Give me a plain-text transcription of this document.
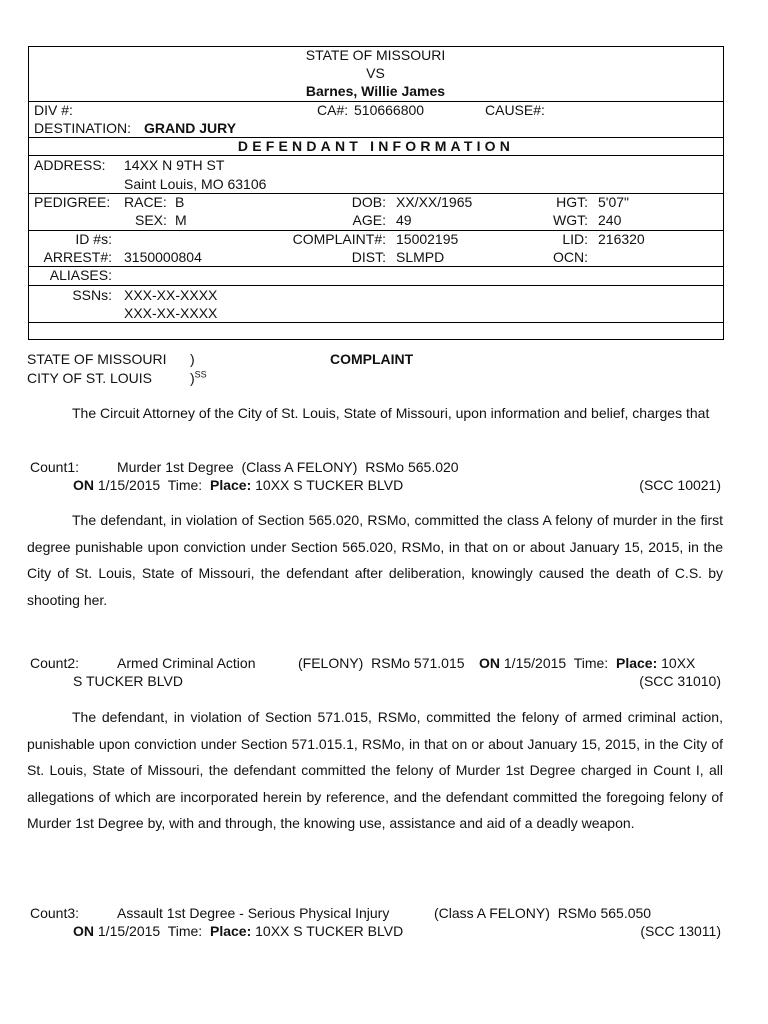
STATE OF MISSOURI
VS
Barnes, Willie James
DIV #:	CA#: 510666800	CAUSE#:
DESTINATION: GRAND JURY
DEFENDANT INFORMATION
ADDRESS: 14XX N 9TH ST
Saint Louis, MO 63106
PEDIGREE: RACE: B
SEX: M
DOB: XX/XX/1965
AGE: 49
HGT: 5'07"
WGT: 240
ID #s:
ARREST#: 3150000804
COMPLAINT#: 15002195
DIST: SLMPD
LID: 216320
OCN:
ALIASES:
SSNs: XXX-XX-XXXX
XXX-XX-XXXX
STATE OF MISSOURI )
CITY OF ST. LOUIS	)$^{SS}$
COMPLAINT
The Circuit Attorney of the City of St. Louis, State of Missouri, upon information and belief, charges that
Count1:	Murder 1st Degree  (Class A FELONY)  RSMo 565.020
ON 1/15/2015 Time: Place: 10XX S TUCKER BLVD	(SCC 10021)
The defendant, in violation of Section 565.020, RSMo, committed the class A felony of murder in the first degree punishable upon conviction under Section 565.020, RSMo, in that on or about January 15, 2015, in the City of St. Louis, State of Missouri, the defendant after deliberation, knowingly caused the death of C.S. by shooting her.
Count2:	Armed Criminal Action	(FELONY)  RSMo 571.015 ON 1/15/2015 Time: Place: 10XX
S TUCKER BLVD	(SCC 31010)
The defendant, in violation of Section 571.015, RSMo, committed the felony of armed criminal action, punishable upon conviction under Section 571.015.1, RSMo, in that on or about January 15, 2015, in the City of St. Louis, State of Missouri, the defendant committed the felony of Murder 1st Degree charged in Count I, all allegations of which are incorporated herein by reference, and the defendant committed the foregoing felony of Murder 1st Degree by, with and through, the knowing use, assistance and aid of a deadly weapon.
Count3:	Assault 1st Degree - Serious Physical Injury	(Class A FELONY)  RSMo 565.050
ON 1/15/2015 Time: Place: 10XX S TUCKER BLVD	(SCC 13011)
